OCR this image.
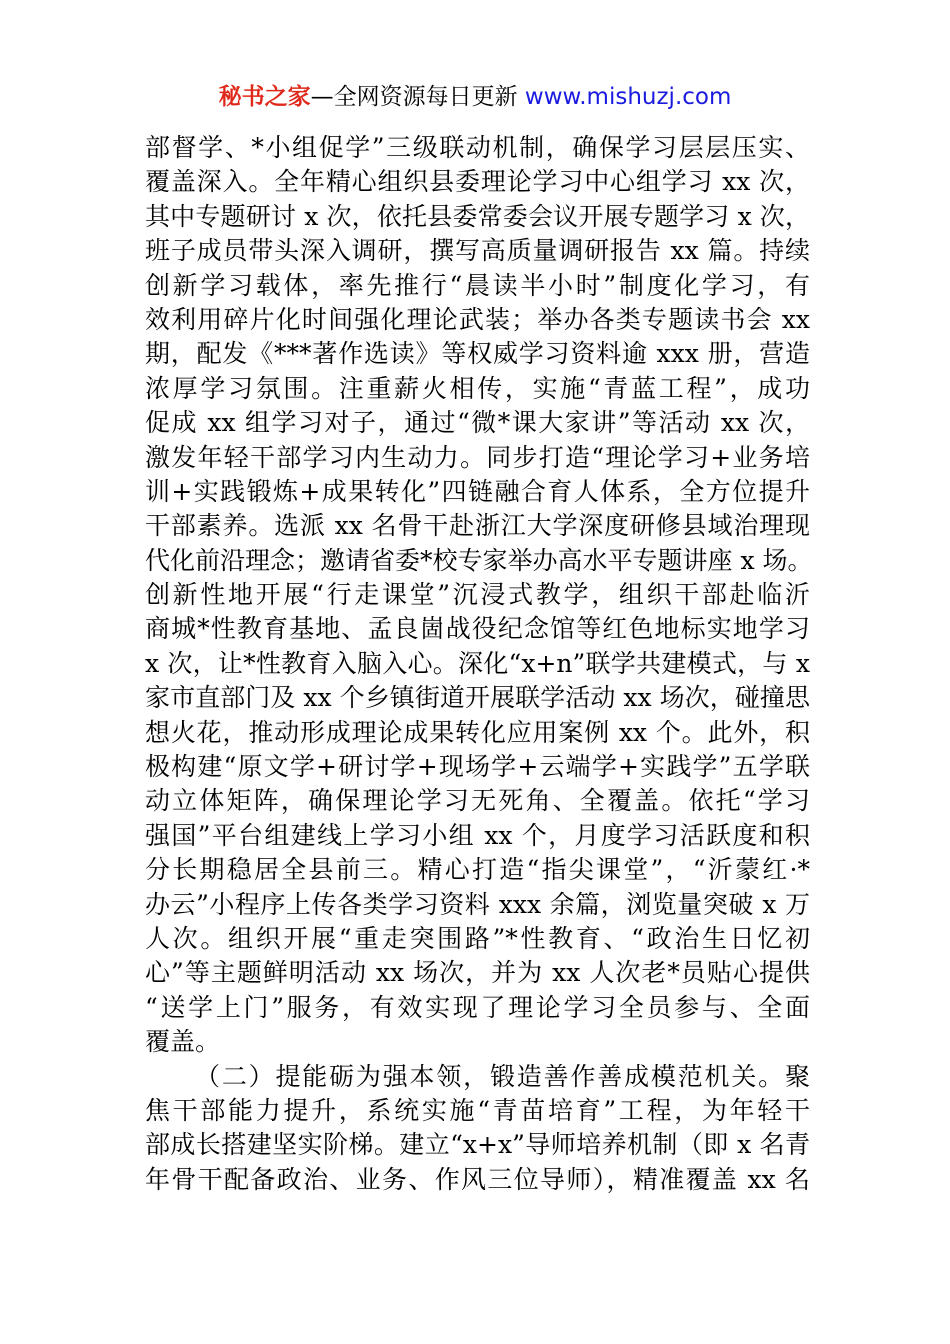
秘书之家—全网资源每日更新 www.mishuzj.com
部督学、*小组促学”三级联动机制，确保学习层层压实、
覆盖深入。全年精心组织县委理论学习中心组学习 xx 次，
其中专题研讨 x 次，依托县委常委会议开展专题学习 x 次，
班子成员带头深入调研，撰写高质量调研报告 xx 篇。持续
创新学习载体，率先推行“晨读半小时”制度化学习，有
效利用碎片化时间强化理论武装；举办各类专题读书会 xx
期，配发《***著作选读》等权威学习资料逾 xxx 册，营造
浓厚学习氛围。注重薪火相传，实施“青蓝工程”，成功
促成 xx 组学习对子，通过“微*课大家讲”等活动 xx 次，
激发年轻干部学习内生动力。同步打造“理论学习+业务培
训+实践锻炼+成果转化”四链融合育人体系，全方位提升
干部素养。选派 xx 名骨干赴浙江大学深度研修县域治理现
代化前沿理念；邀请省委*校专家举办高水平专题讲座 x 场。
创新性地开展“行走课堂”沉浸式教学，组织干部赴临沂
商城*性教育基地、孟良崮战役纪念馆等红色地标实地学习
x 次，让*性教育入脑入心。深化“x+n”联学共建模式，与 x
家市直部门及 xx 个乡镇街道开展联学活动 xx 场次，碰撞思
想火花，推动形成理论成果转化应用案例 xx 个。此外，积
极构建“原文学+研讨学+现场学+云端学+实践学”五学联
动立体矩阵，确保理论学习无死角、全覆盖。依托“学习
强国”平台组建线上学习小组 xx 个，月度学习活跃度和积
分长期稳居全县前三。精心打造“指尖课堂”，“沂蒙红·*
办云”小程序上传各类学习资料 xxx 余篇，浏览量突破 x 万
人次。组织开展“重走突围路”*性教育、“政治生日忆初
心”等主题鲜明活动 xx 场次，并为 xx 人次老*员贴心提供
“送学上门”服务，有效实现了理论学习全员参与、全面
覆盖。
（二）提能砺为强本领，锻造善作善成模范机关。聚
焦干部能力提升，系统实施“青苗培育”工程，为年轻干
部成长搭建坚实阶梯。建立“x+x”导师培养机制（即 x 名青
年骨干配备政治、业务、作风三位导师），精准覆盖 xx 名
